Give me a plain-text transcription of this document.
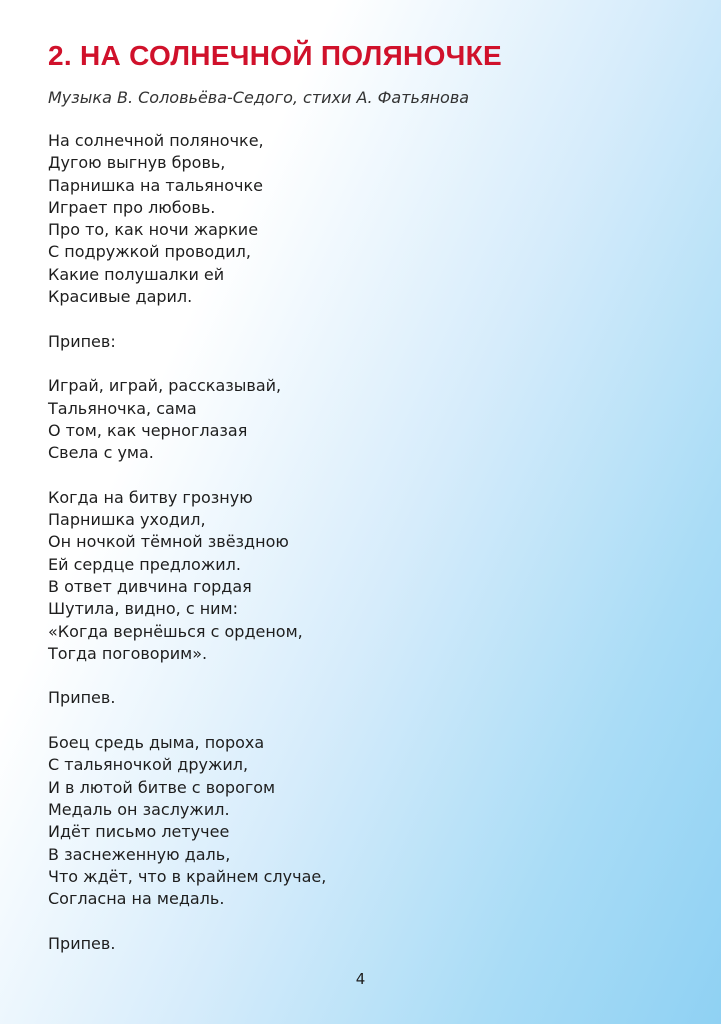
2. НА СОЛНЕЧНОЙ ПОЛЯНОЧКЕ
Музыка В. Соловьёва-Седого, стихи А. Фатьянова
На солнечной поляночке,
Дугою выгнув бровь,
Парнишка на тальяночке
Играет про любовь.
Про то, как ночи жаркие
С подружкой проводил,
Какие полушалки ей
Красивые дарил.
Припев:
Играй, играй, рассказывай,
Тальяночка, сама
О том, как черноглазая
Свела с ума.
Когда на битву грозную
Парнишка уходил,
Он ночкой тёмной звёздною
Ей сердце предложил.
В ответ дивчина гордая
Шутила, видно, с ним:
«Когда вернёшься с орденом,
Тогда поговорим».
Припев.
Боец средь дыма, пороха
С тальяночкой дружил,
И в лютой битве с ворогом
Медаль он заслужил.
Идёт письмо летучее
В заснеженную даль,
Что ждёт, что в крайнем случае,
Согласна на медаль.
Припев.
4
